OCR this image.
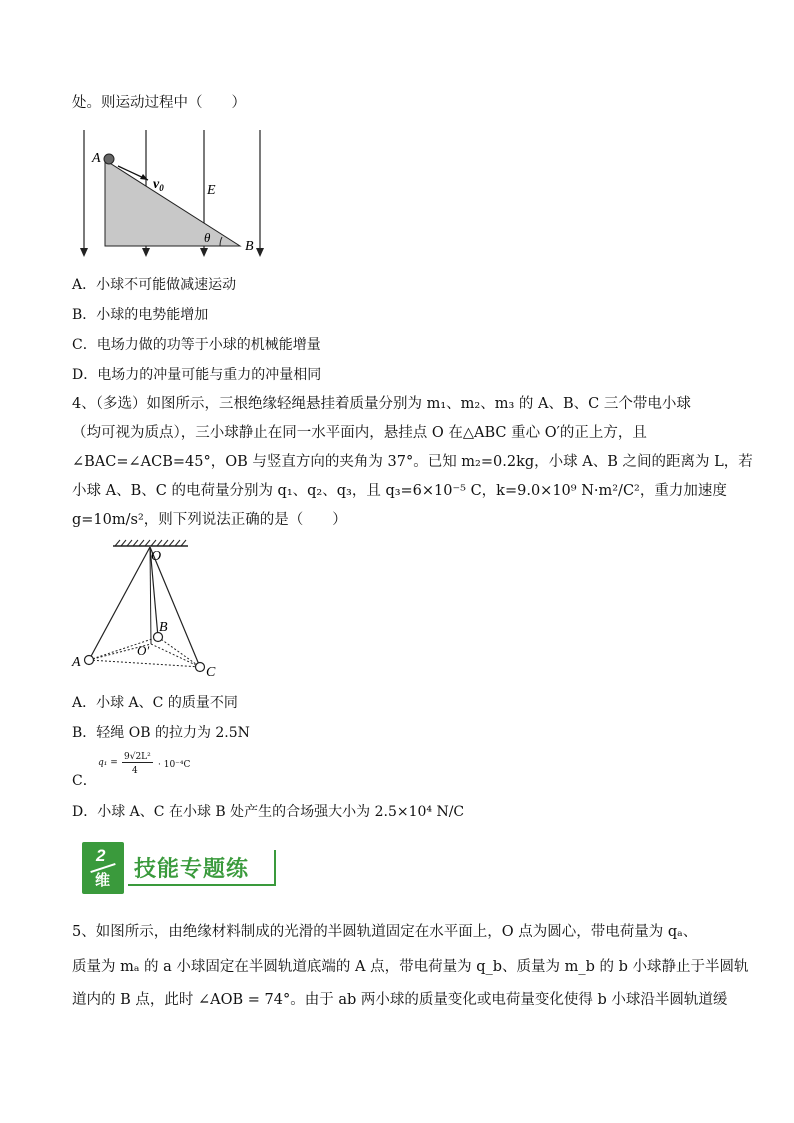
处。则运动过程中（　　）
A
$v_0$	E
θ
B
A．小球不可能做减速运动
B．小球的电势能增加
C．电场力做的功等于小球的机械能增量
D．电场力的冲量可能与重力的冲量相同
4、（多选）如图所示，三根绝缘轻绳悬挂着质量分别为 m₁、m₂、m₃ 的 A、B、C 三个带电小球
（均可视为质点），三小球静止在同一水平面内，悬挂点 O 在△ABC 重心 O′的正上方，且
∠BAC=∠ACB=45°，OB 与竖直方向的夹角为 37°。已知 m₂=0.2kg，小球 A、B 之间的距离为 L，若
小球 A、B、C 的电荷量分别为 q₁、q₂、q₃，且 q₃=6×10⁻⁵ C，k=9.0×10⁹ N·m²/C²，重力加速度
g=10m/s²，则下列说法正确的是（　　）
O
B
O′
A
C
A．小球 A、C 的质量不同
B．轻绳 OB 的拉力为 2.5N
C．
q₁ =
9√2L²
4
· 10⁻⁴C
D．小球 A、C 在小球 B 处产生的合场强大小为 2.5×10⁴ N/C
2
维 技能专题练
5、如图所示，由绝缘材料制成的光滑的半圆轨道固定在水平面上，O 点为圆心，带电荷量为 qₐ、
质量为 mₐ 的 a 小球固定在半圆轨道底端的 A 点，带电荷量为 q_b、质量为 m_b 的 b 小球静止于半圆轨
道内的 B 点，此时 ∠AOB = 74°。由于 ab 两小球的质量变化或电荷量变化使得 b 小球沿半圆轨道缓
